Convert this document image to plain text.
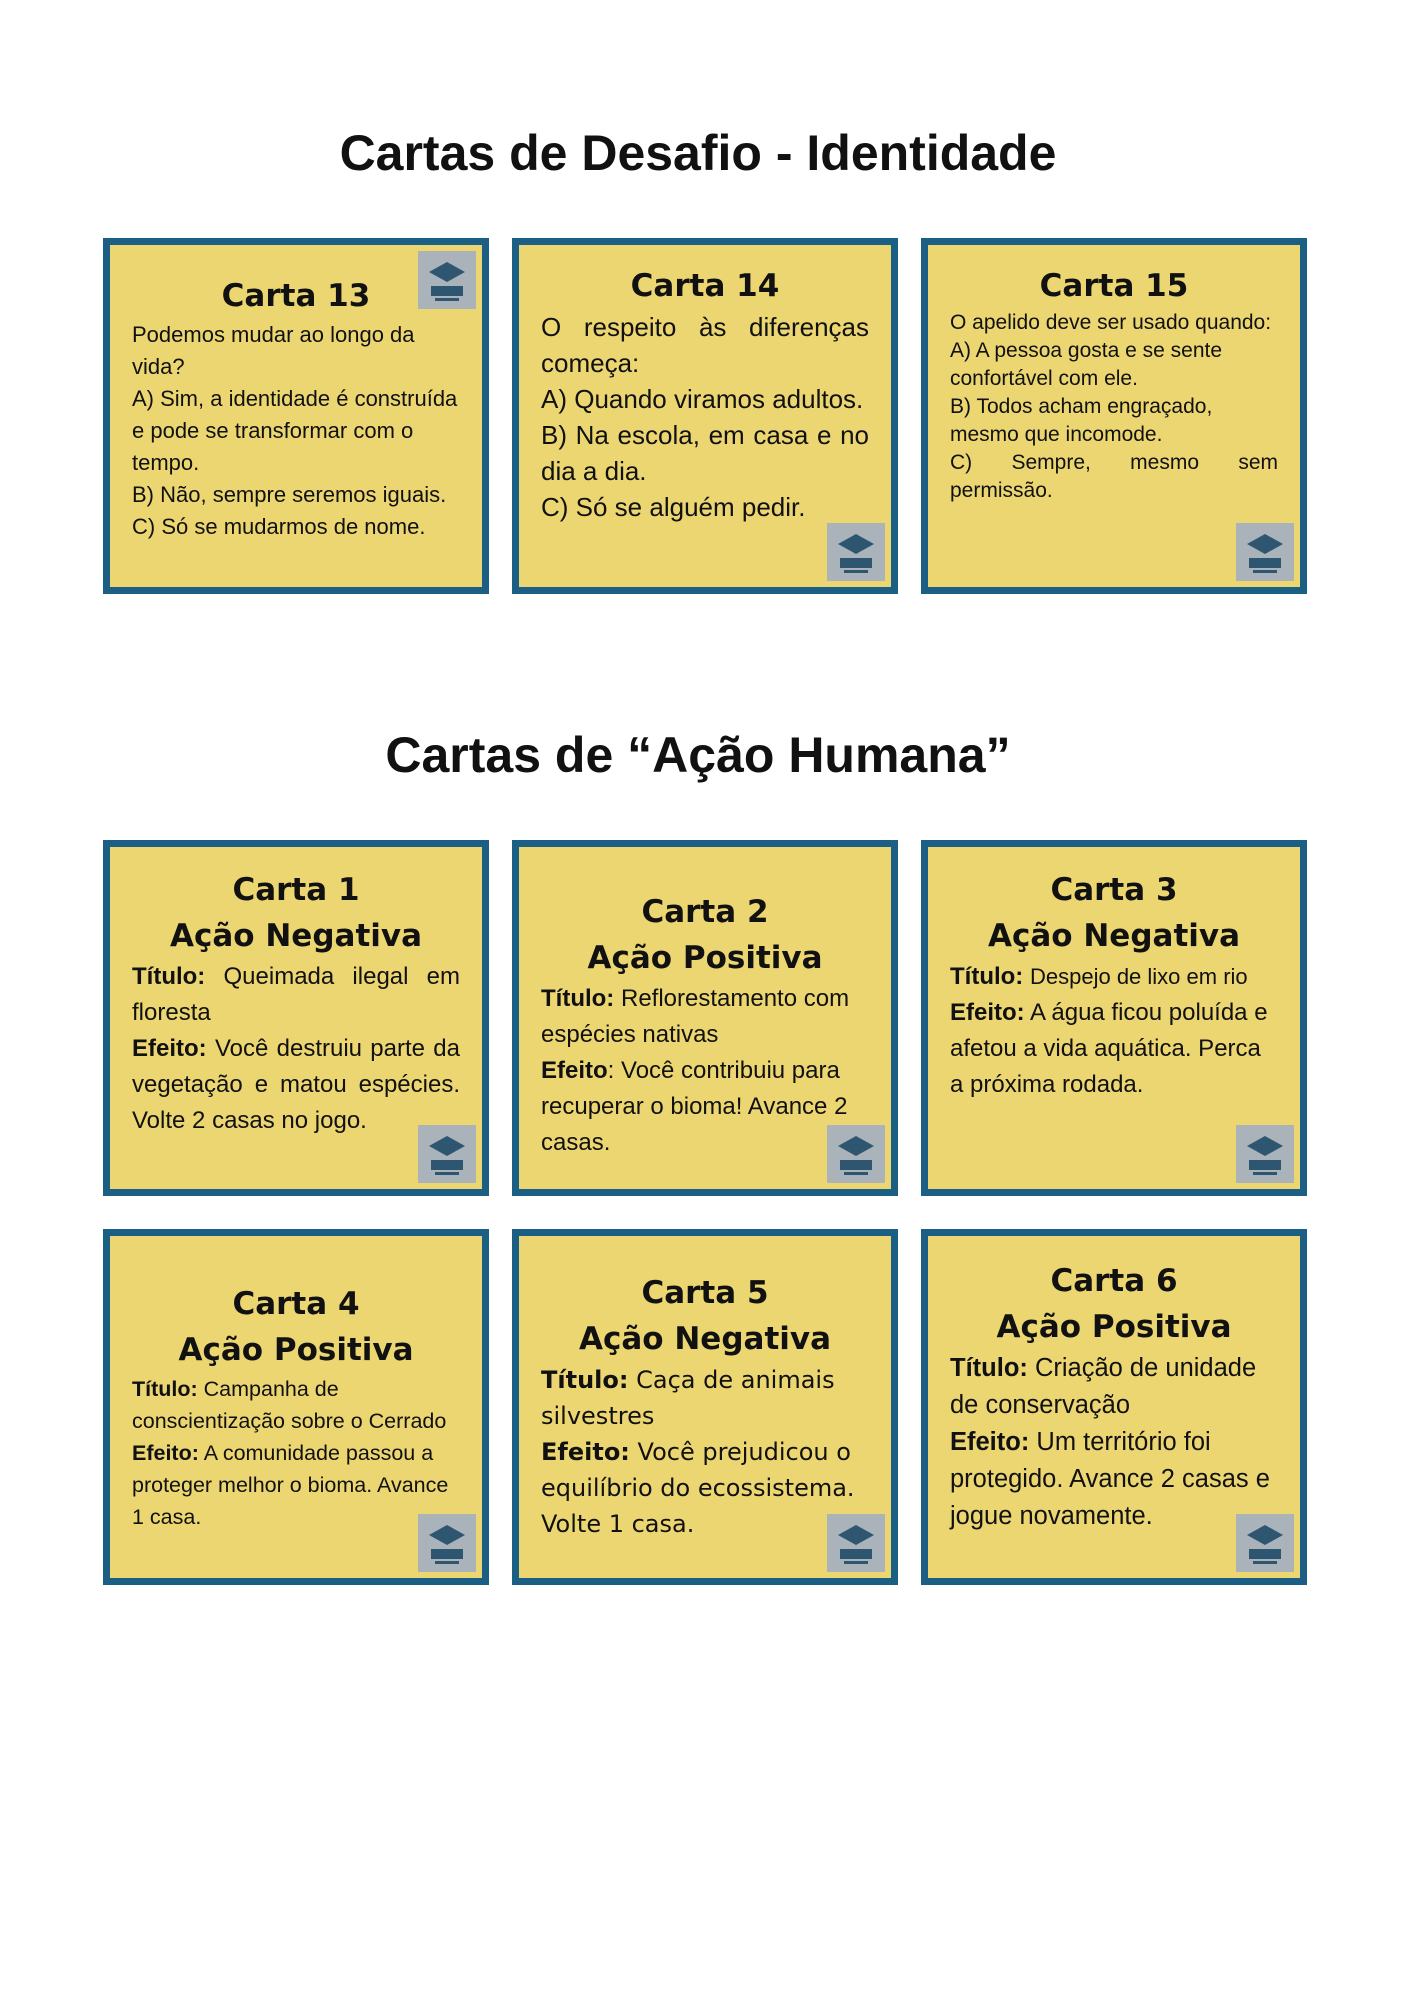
Cartas de Desafio - Identidade
Carta 13

Podemos mudar ao longo da vida?

A) Sim, a identidade é construída e pode se transformar com o tempo.

B) Não, sempre seremos iguais.

C) Só se mudarmos de nome.

Carta 14

O respeito às diferenças começa:

A) Quando viramos adultos.

B) Na escola, em casa e no dia a dia.

C) Só se alguém pedir.

Carta 15

O apelido deve ser usado quando:

A) A pessoa gosta e se sente confortável com ele.

B) Todos acham engraçado, mesmo que incomode.

C) Sempre, mesmo sem permissão.

Cartas de “Ação Humana”
Carta 1
Ação Negativa

Título: Queimada ilegal em floresta

Efeito: Você destruiu parte da vegetação e matou espécies. Volte 2 casas no jogo.

Carta 2
Ação Positiva

Título: Reflorestamento com espécies nativas

Efeito: Você contribuiu para recuperar o bioma! Avance 2 casas.

Carta 3
Ação Negativa

Título: Despejo de lixo em rio

Efeito: A água ficou poluída e afetou a vida aquática. Perca a próxima rodada.

Carta 4
Ação Positiva

Título: Campanha de conscientização sobre o Cerrado

Efeito: A comunidade passou a proteger melhor o bioma. Avance 1 casa.

Carta 5
Ação Negativa

Título: Caça de animais silvestres

Efeito: Você prejudicou o equilíbrio do ecossistema. Volte 1 casa.

Carta 6
Ação Positiva

Título: Criação de unidade de conservação

Efeito: Um território foi protegido. Avance 2 casas e jogue novamente.
